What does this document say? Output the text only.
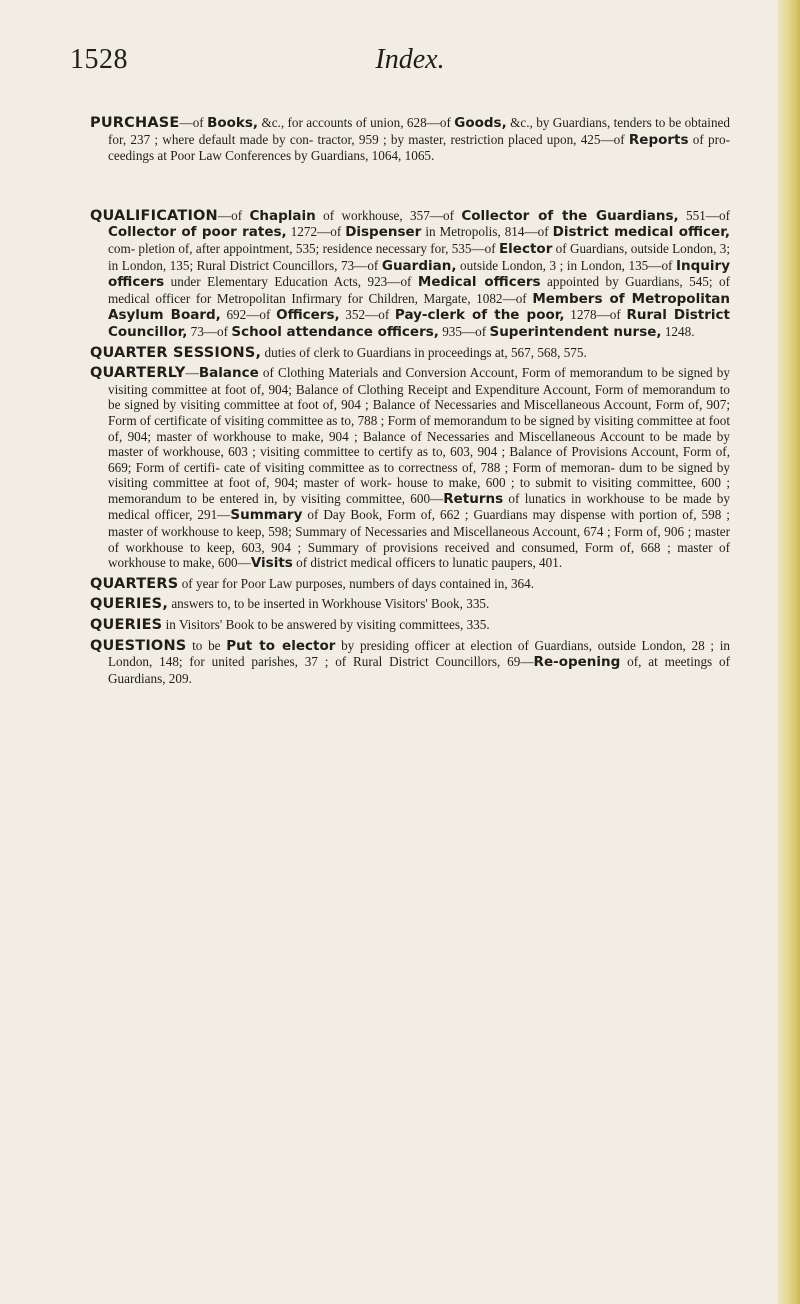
1528	Index.

PURCHASE—of Books, &c., for accounts of union, 628—of Goods, &c., by Guardians, tenders to be obtained for, 237 ; where default made by con- tractor, 959 ; by master, restriction placed upon, 425—of Reports of pro- ceedings at Poor Law Conferences by Guardians, 1064, 1065.

QUALIFICATION—of Chaplain of workhouse, 357—of Collector of the Guardians, 551—of Collector of poor rates, 1272—of Dispenser in Metropolis, 814—of District medical officer, com- pletion of, after appointment, 535; residence necessary for, 535—of Elector of Guardians, outside London, 3; in London, 135; Rural District Councillors, 73—of Guardian, outside London, 3 ; in London, 135—of Inquiry officers under Elementary Education Acts, 923—of Medical officers appointed by Guardians, 545; of medical officer for Metropolitan Infirmary for Children, Margate, 1082—of Members of Metropolitan Asylum Board, 692—of Officers, 352—of Pay-clerk of the poor, 1278—of Rural District Councillor, 73—of School attendance officers, 935—of Superintendent nurse, 1248.

QUARTER SESSIONS, duties of clerk to Guardians in proceedings at, 567, 568, 575.

QUARTERLY—Balance of Clothing Materials and Conversion Account, Form of memorandum to be signed by visiting committee at foot of, 904; Balance of Clothing Receipt and Expenditure Account, Form of memorandum to be signed by visiting committee at foot of, 904 ; Balance of Necessaries and Miscellaneous Account, Form of, 907; Form of certificate of visiting committee as to, 788 ; Form of memorandum to be signed by visiting committee at foot of, 904; master of workhouse to make, 904 ; Balance of Necessaries and Miscellaneous Account to be made by master of workhouse, 603 ; visiting committee to certify as to, 603, 904 ; Balance of Provisions Account, Form of, 669; Form of certifi- cate of visiting committee as to correctness of, 788 ; Form of memoran- dum to be signed by visiting committee at foot of, 904; master of work- house to make, 600 ; to submit to visiting committee, 600 ; memorandum to be entered in, by visiting committee, 600—Returns of lunatics in workhouse to be made by medical officer, 291—Summary of Day Book, Form of, 662 ; Guardians may dispense with portion of, 598 ; master of workhouse to keep, 598; Summary of Necessaries and Miscellaneous Account, 674 ; Form of, 906 ; master of workhouse to keep, 603, 904 ; Summary of provisions received and consumed, Form of, 668 ; master of workhouse to make, 600—Visits of district medical officers to lunatic paupers, 401.

QUARTERS of year for Poor Law purposes, numbers of days contained in, 364.

QUERIES, answers to, to be inserted in Workhouse Visitors' Book, 335.

QUERIES in Visitors' Book to be answered by visiting committees, 335.

QUESTIONS to be Put to elector by presiding officer at election of Guardians, outside London, 28 ; in London, 148; for united parishes, 37 ; of Rural District Councillors, 69—Re-opening of, at meetings of Guardians, 209.
